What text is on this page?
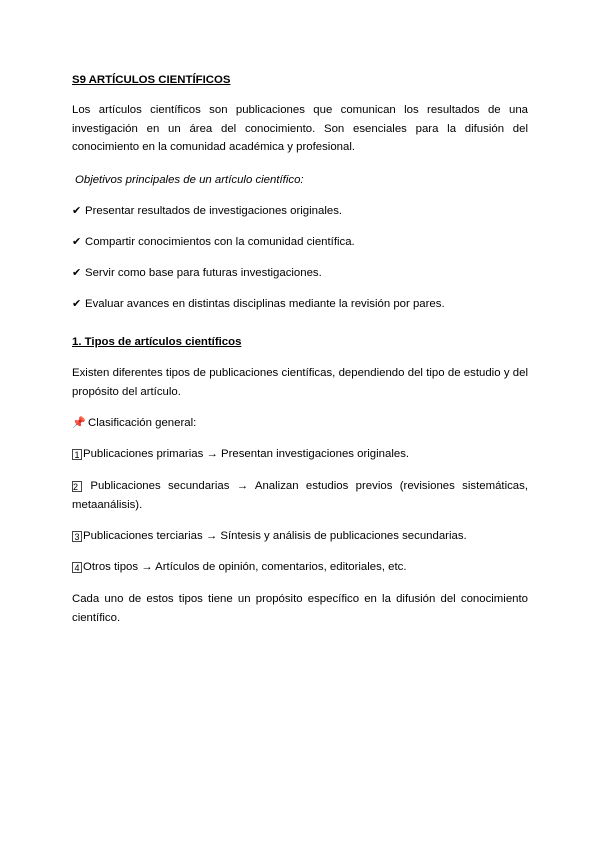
S9 ARTÍCULOS CIENTÍFICOS

Los artículos científicos son publicaciones que comunican los resultados de una investigación en un área del conocimiento. Son esenciales para la difusión del conocimiento en la comunidad académica y profesional.

Objetivos principales de un artículo científico:

✔ Presentar resultados de investigaciones originales.

✔ Compartir conocimientos con la comunidad científica.

✔ Servir como base para futuras investigaciones.

✔ Evaluar avances en distintas disciplinas mediante la revisión por pares.

1. Tipos de artículos científicos

Existen diferentes tipos de publicaciones científicas, dependiendo del tipo de estudio y del propósito del artículo.

📌 Clasificación general:

1 Publicaciones primarias → Presentan investigaciones originales.

2 Publicaciones secundarias → Analizan estudios previos (revisiones sistemáticas, metaanálisis).

3 Publicaciones terciarias → Síntesis y análisis de publicaciones secundarias.

4 Otros tipos → Artículos de opinión, comentarios, editoriales, etc.

Cada uno de estos tipos tiene un propósito específico en la difusión del conocimiento científico.
